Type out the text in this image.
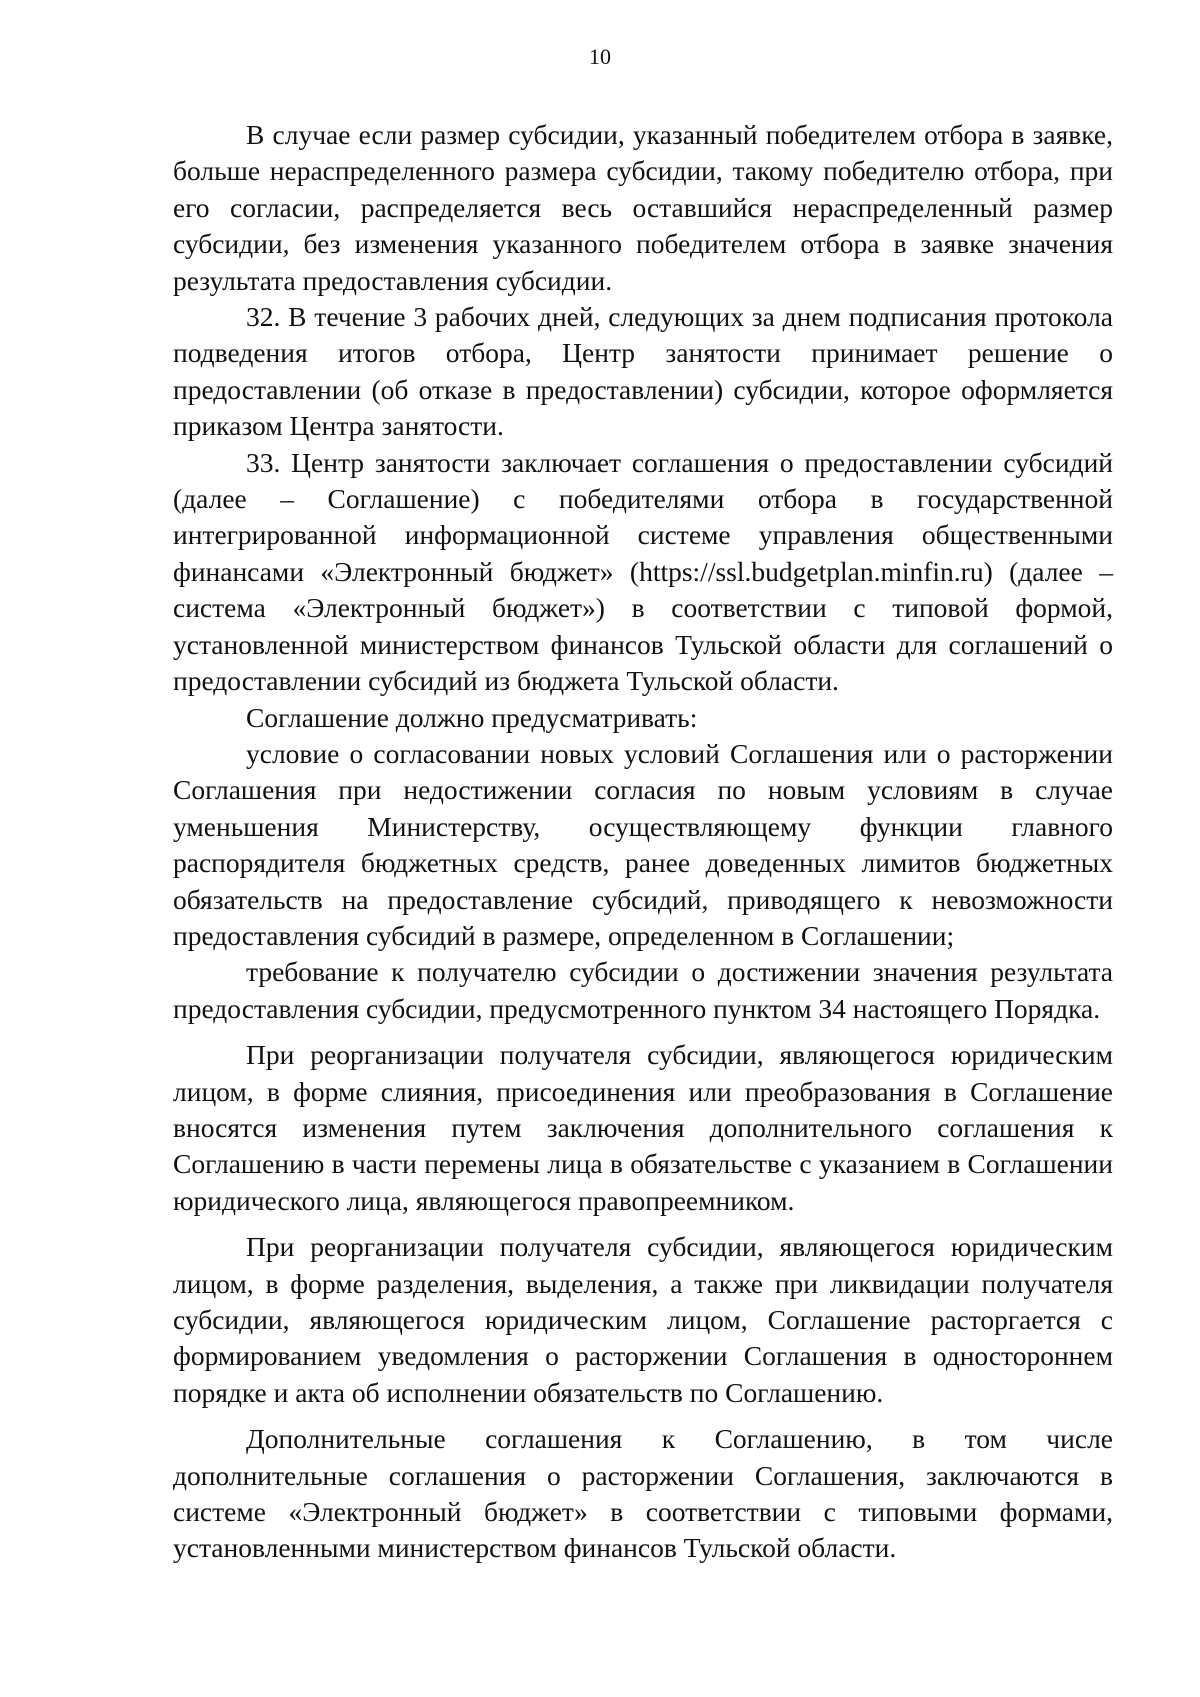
10

В случае если размер субсидии, указанный победителем отбора в заявке, больше нераспределенного размера субсидии, такому победителю отбора, при его согласии, распределяется весь оставшийся нераспределенный размер субсидии, без изменения указанного победителем отбора в заявке значения результата предоставления субсидии.

32. В течение 3 рабочих дней, следующих за днем подписания протокола подведения итогов отбора, Центр занятости принимает решение о предоставлении (об отказе в предоставлении) субсидии, которое оформляется приказом Центра занятости.

33. Центр занятости заключает соглашения о предоставлении субсидий (далее – Соглашение) с победителями отбора в государственной интегрированной информационной системе управления общественными финансами «Электронный бюджет» (https://ssl.budgetplan.minfin.ru) (далее – система «Электронный бюджет») в соответствии с типовой формой, установленной министерством финансов Тульской области для соглашений о предоставлении субсидий из бюджета Тульской области.

Соглашение должно предусматривать:

условие о согласовании новых условий Соглашения или о расторжении Соглашения при недостижении согласия по новым условиям в случае уменьшения Министерству, осуществляющему функции главного распорядителя бюджетных средств, ранее доведенных лимитов бюджетных обязательств на предоставление субсидий, приводящего к невозможности предоставления субсидий в размере, определенном в Соглашении;

требование к получателю субсидии о достижении значения результата предоставления субсидии, предусмотренного пунктом 34 настоящего Порядка.

При реорганизации получателя субсидии, являющегося юридическим лицом, в форме слияния, присоединения или преобразования в Соглашение вносятся изменения путем заключения дополнительного соглашения к Соглашению в части перемены лица в обязательстве с указанием в Соглашении юридического лица, являющегося правопреемником.

При реорганизации получателя субсидии, являющегося юридическим лицом, в форме разделения, выделения, а также при ликвидации получателя субсидии, являющегося юридическим лицом, Соглашение расторгается с формированием уведомления о расторжении Соглашения в одностороннем порядке и акта об исполнении обязательств по Соглашению.

Дополнительные соглашения к Соглашению, в том числе дополнительные соглашения о расторжении Соглашения, заключаются в системе «Электронный бюджет» в соответствии с типовыми формами, установленными министерством финансов Тульской области.
